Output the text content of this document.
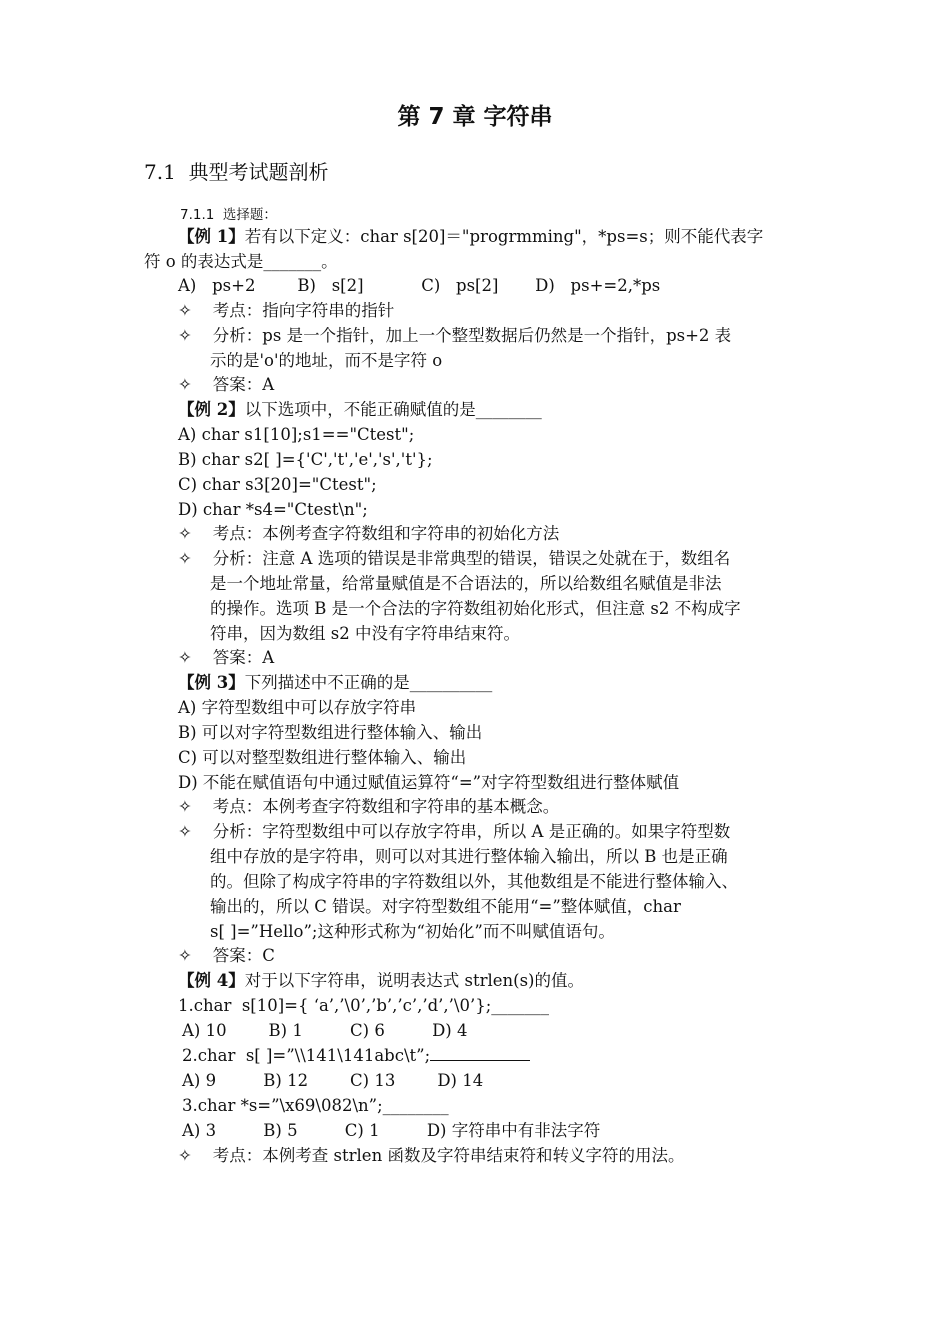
第 7 章 字符串
7.1  典型考试题剖析
7.1.1  选择题：
【例 1】若有以下定义：char s[20]＝"progrmming"，*ps=s；则不能代表字
符 o 的表达式是_______。
A)   ps+2        B)   s[2]           C)   ps[2]       D)   ps+=2,*ps
✧    考点：指向字符串的指针
✧    分析：ps 是一个指针，加上一个整型数据后仍然是一个指针，ps+2 表
示的是'o'的地址，而不是字符 o
✧    答案：A
【例 2】以下选项中，不能正确赋值的是________
A) char s1[10];s1=="Ctest";
B) char s2[ ]={'C','t','e','s','t'};
C) char s3[20]="Ctest";
D) char *s4="Ctest\n";
✧    考点：本例考查字符数组和字符串的初始化方法
✧    分析：注意 A 选项的错误是非常典型的错误，错误之处就在于，数组名
是一个地址常量，给常量赋值是不合语法的，所以给数组名赋值是非法
的操作。选项 B 是一个合法的字符数组初始化形式，但注意 s2 不构成字
符串，因为数组 s2 中没有字符串结束符。
✧    答案：A
【例 3】下列描述中不正确的是__________
A) 字符型数组中可以存放字符串
B) 可以对字符型数组进行整体输入、输出
C) 可以对整型数组进行整体输入、输出
D) 不能在赋值语句中通过赋值运算符“=”对字符型数组进行整体赋值
✧    考点：本例考查字符数组和字符串的基本概念。
✧    分析：字符型数组中可以存放字符串，所以 A 是正确的。如果字符型数
组中存放的是字符串，则可以对其进行整体输入输出，所以 B 也是正确
的。但除了构成字符串的字符数组以外，其他数组是不能进行整体输入、
输出的，所以 C 错误。对字符型数组不能用“=”整体赋值，char
s[ ]=”Hello”;这种形式称为“初始化”而不叫赋值语句。
✧    答案：C
【例 4】对于以下字符串，说明表达式 strlen(s)的值。
1.char  s[10]={ ‘a’,’\0’,’b’,’c’,’d’,’\0’};_______
A) 10        B) 1         C) 6         D) 4
2.char  s[ ]=”\\141\141abc\t”;
A) 9         B) 12        C) 13        D) 14
3.char *s=”\x69\082\n”;________
A) 3         B) 5         C) 1         D) 字符串中有非法字符
✧    考点：本例考查 strlen 函数及字符串结束符和转义字符的用法。
